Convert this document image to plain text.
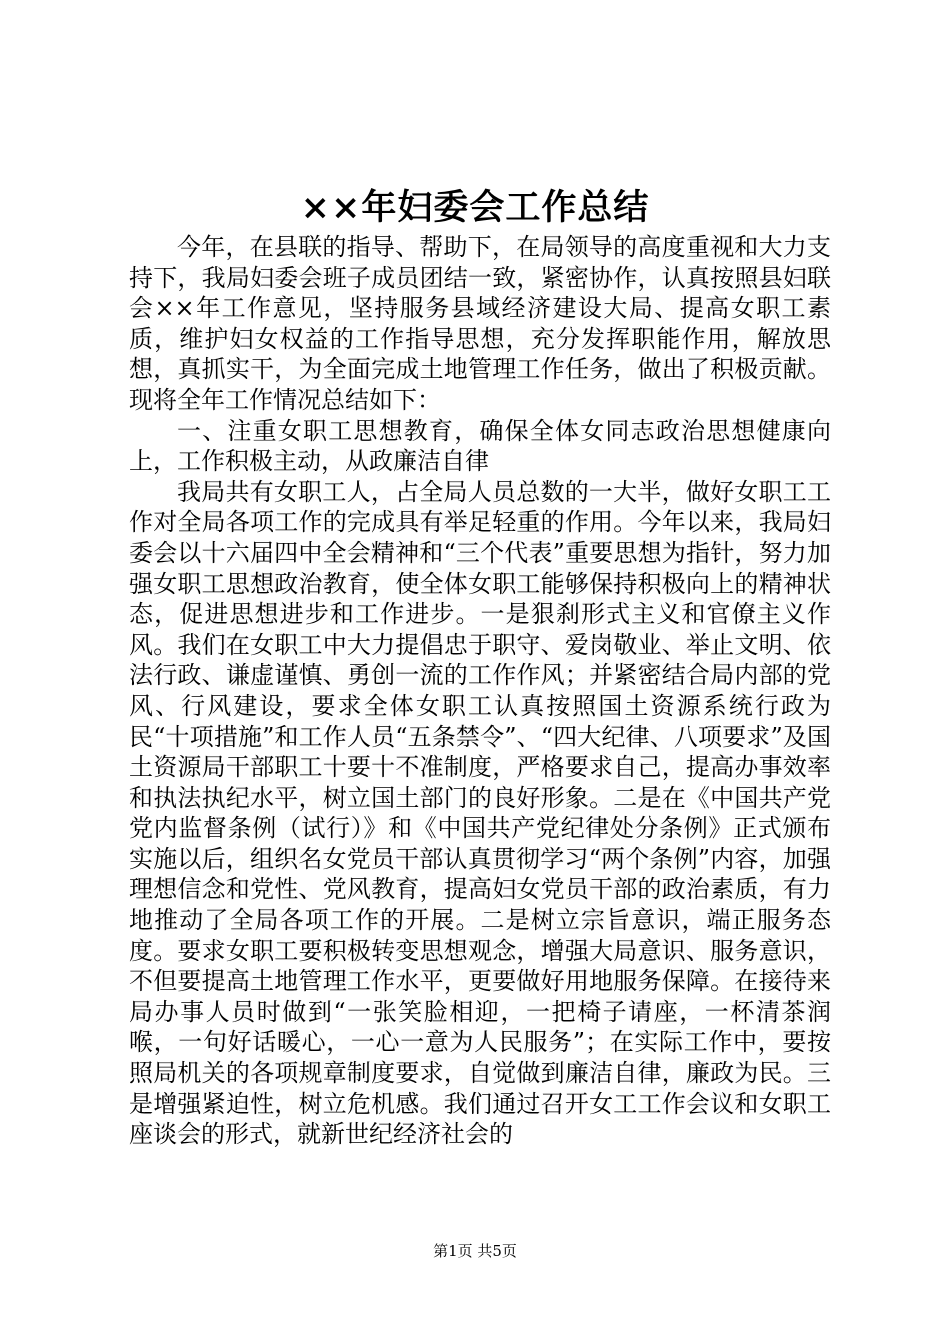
××年妇委会工作总结

今年，在县联的指导、帮助下，在局领导的高度重视和大力支持下，我局妇委会班子成员团结一致，紧密协作，认真按照县妇联会××年工作意见，坚持服务县域经济建设大局、提高女职工素质，维护妇女权益的工作指导思想，充分发挥职能作用，解放思想，真抓实干，为全面完成土地管理工作任务，做出了积极贡献。现将全年工作情况总结如下：

一、注重女职工思想教育，确保全体女同志政治思想健康向上，工作积极主动，从政廉洁自律

我局共有女职工人，占全局人员总数的一大半，做好女职工工作对全局各项工作的完成具有举足轻重的作用。今年以来，我局妇委会以十六届四中全会精神和“三个代表”重要思想为指针，努力加强女职工思想政治教育，使全体女职工能够保持积极向上的精神状态，促进思想进步和工作进步。一是狠刹形式主义和官僚主义作风。我们在女职工中大力提倡忠于职守、爱岗敬业、举止文明、依法行政、谦虚谨慎、勇创一流的工作作风；并紧密结合局内部的党风、行风建设，要求全体女职工认真按照国土资源系统行政为民“十项措施”和工作人员“五条禁令”、“四大纪律、八项要求”及国土资源局干部职工十要十不准制度，严格要求自己，提高办事效率和执法执纪水平，树立国土部门的良好形象。二是在《中国共产党党内监督条例（试行）》和《中国共产党纪律处分条例》正式颁布实施以后，组织名女党员干部认真贯彻学习“两个条例”内容，加强理想信念和党性、党风教育，提高妇女党员干部的政治素质，有力地推动了全局各项工作的开展。二是树立宗旨意识，端正服务态度。要求女职工要积极转变思想观念，增强大局意识、服务意识，不但要提高土地管理工作水平，更要做好用地服务保障。在接待来局办事人员时做到“一张笑脸相迎，一把椅子请座，一杯清茶润喉，一句好话暖心，一心一意为人民服务”；在实际工作中，要按照局机关的各项规章制度要求，自觉做到廉洁自律，廉政为民。三是增强紧迫性，树立危机感。我们通过召开女工工作会议和女职工座谈会的形式，就新世纪经济社会的

第1页 共5页
